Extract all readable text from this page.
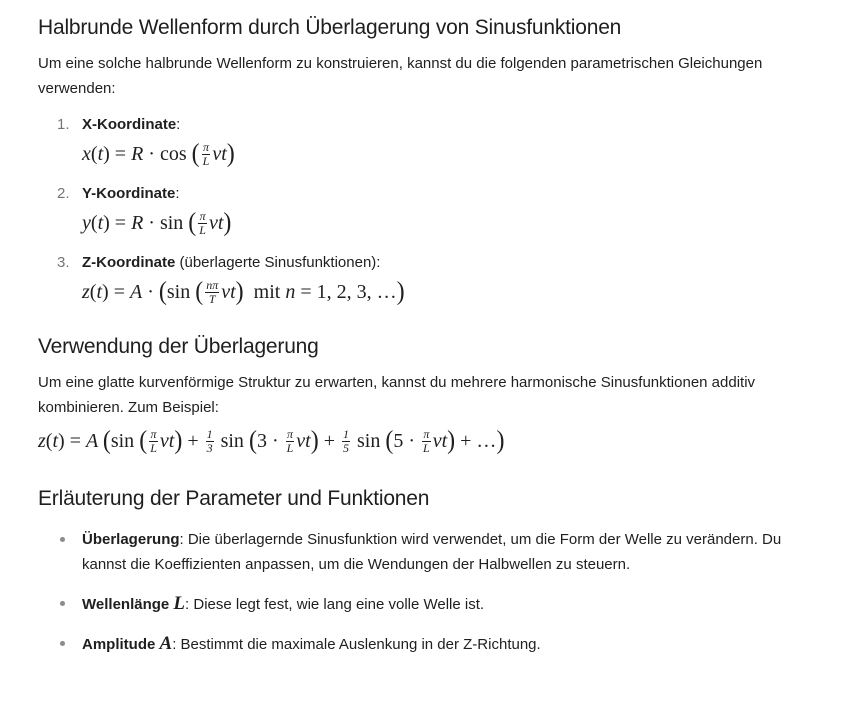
Halbrunde Wellenform durch Überlagerung von Sinusfunktionen

Um eine solche halbrunde Wellenform zu konstruieren, kannst du die folgenden parametrischen Gleichungen verwenden:

1. X-Koordinate:
x(t) = R · cos ( $\frac{\pi}{L} vt$)
2. Y-Koordinate:
y(t) = R · sin ( $\frac{\pi}{L} vt$)
3. Z-Koordinate (überlagerte Sinusfunktionen):
z(t) = A · (sin ( $\frac{n\pi}{T} vt$)  mit n = 1, 2, 3, …)
Verwendung der Überlagerung

Um eine glatte kurvenförmige Struktur zu erwarten, kannst du mehrere harmonische Sinusfunktionen additiv kombinieren. Zum Beispiel:

z(t) = A (sin ( $\frac{\pi}{L} vt) + \frac{1}{3}$ $\sin (3 \cdot \frac{\pi}{L} vt) + \frac{1}{5}$ $\sin (5 \cdot \frac{\pi}{L} vt)$ + …)
Erläuterung der Parameter und Funktionen
Überlagerung: Die überlagernde Sinusfunktion wird verwendet, um die Form der Welle zu verändern. Du kannst die Koeffizienten anpassen, um die Wendungen der Halbwellen zu steuern.
Wellenlänge L: Diese legt fest, wie lang eine volle Welle ist.
Amplitude A: Bestimmt die maximale Auslenkung in der Z-Richtung.
